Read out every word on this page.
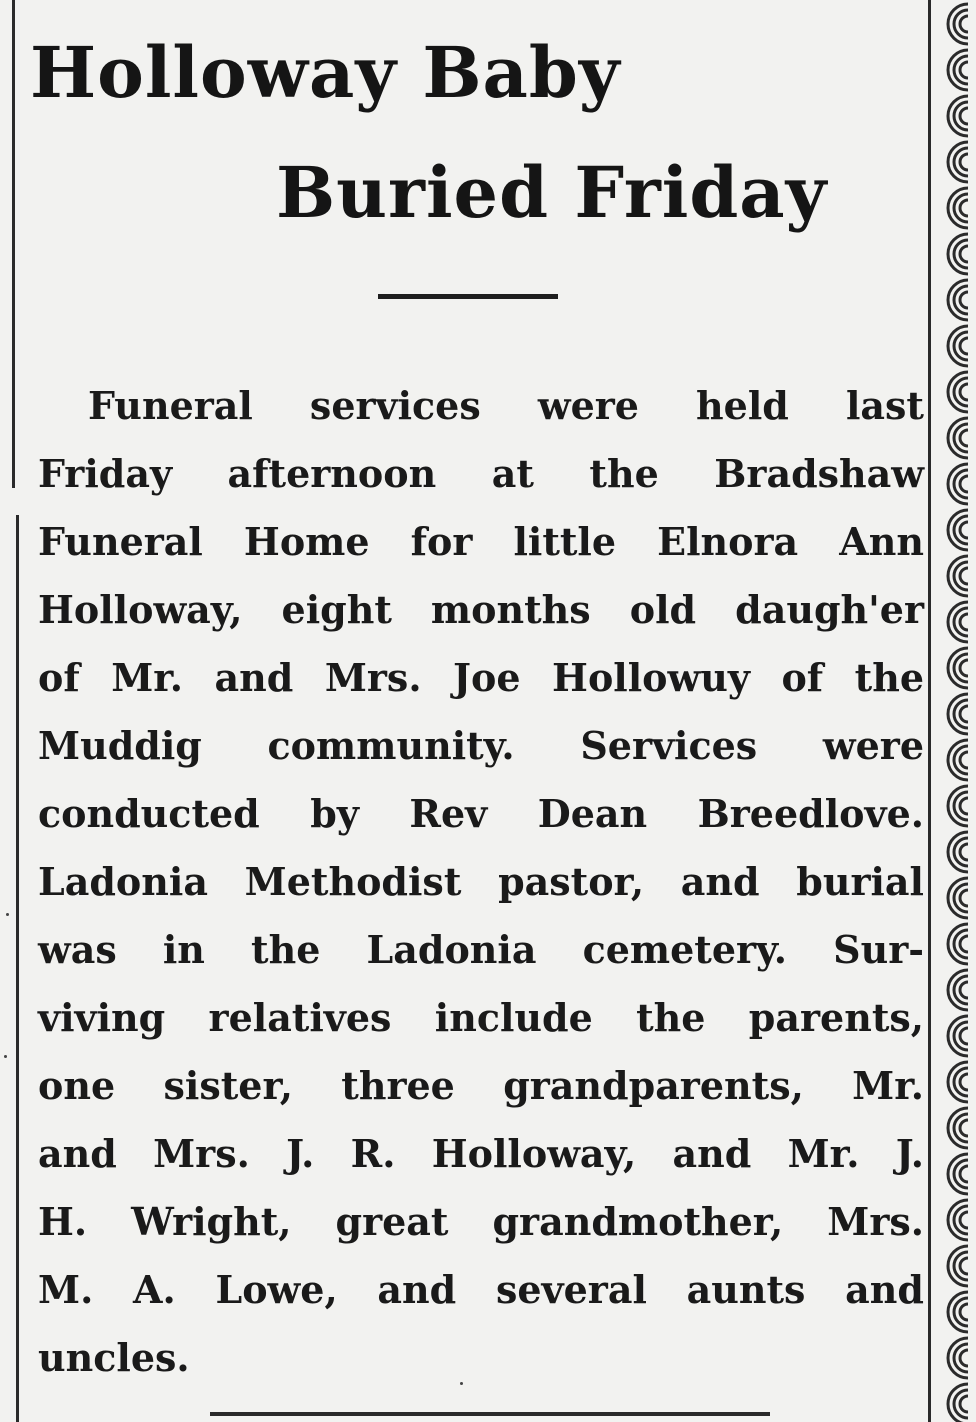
Holloway Baby
Buried Friday
Funeral services were held last
Friday afternoon at the Bradshaw
Funeral Home for little Elnora Ann
Holloway, eight months old daugh'er
of Mr. and Mrs. Joe Hollowuy of the
Muddig community. Services were
conducted by Rev Dean Breedlove.
Ladonia Methodist pastor, and burial
was in the Ladonia cemetery. Sur-
viving relatives include the parents,
one sister, three grandparents, Mr.
and Mrs. J. R. Holloway, and Mr. J.
H. Wright, great grandmother, Mrs.
M. A. Lowe, and several aunts and
uncles.
